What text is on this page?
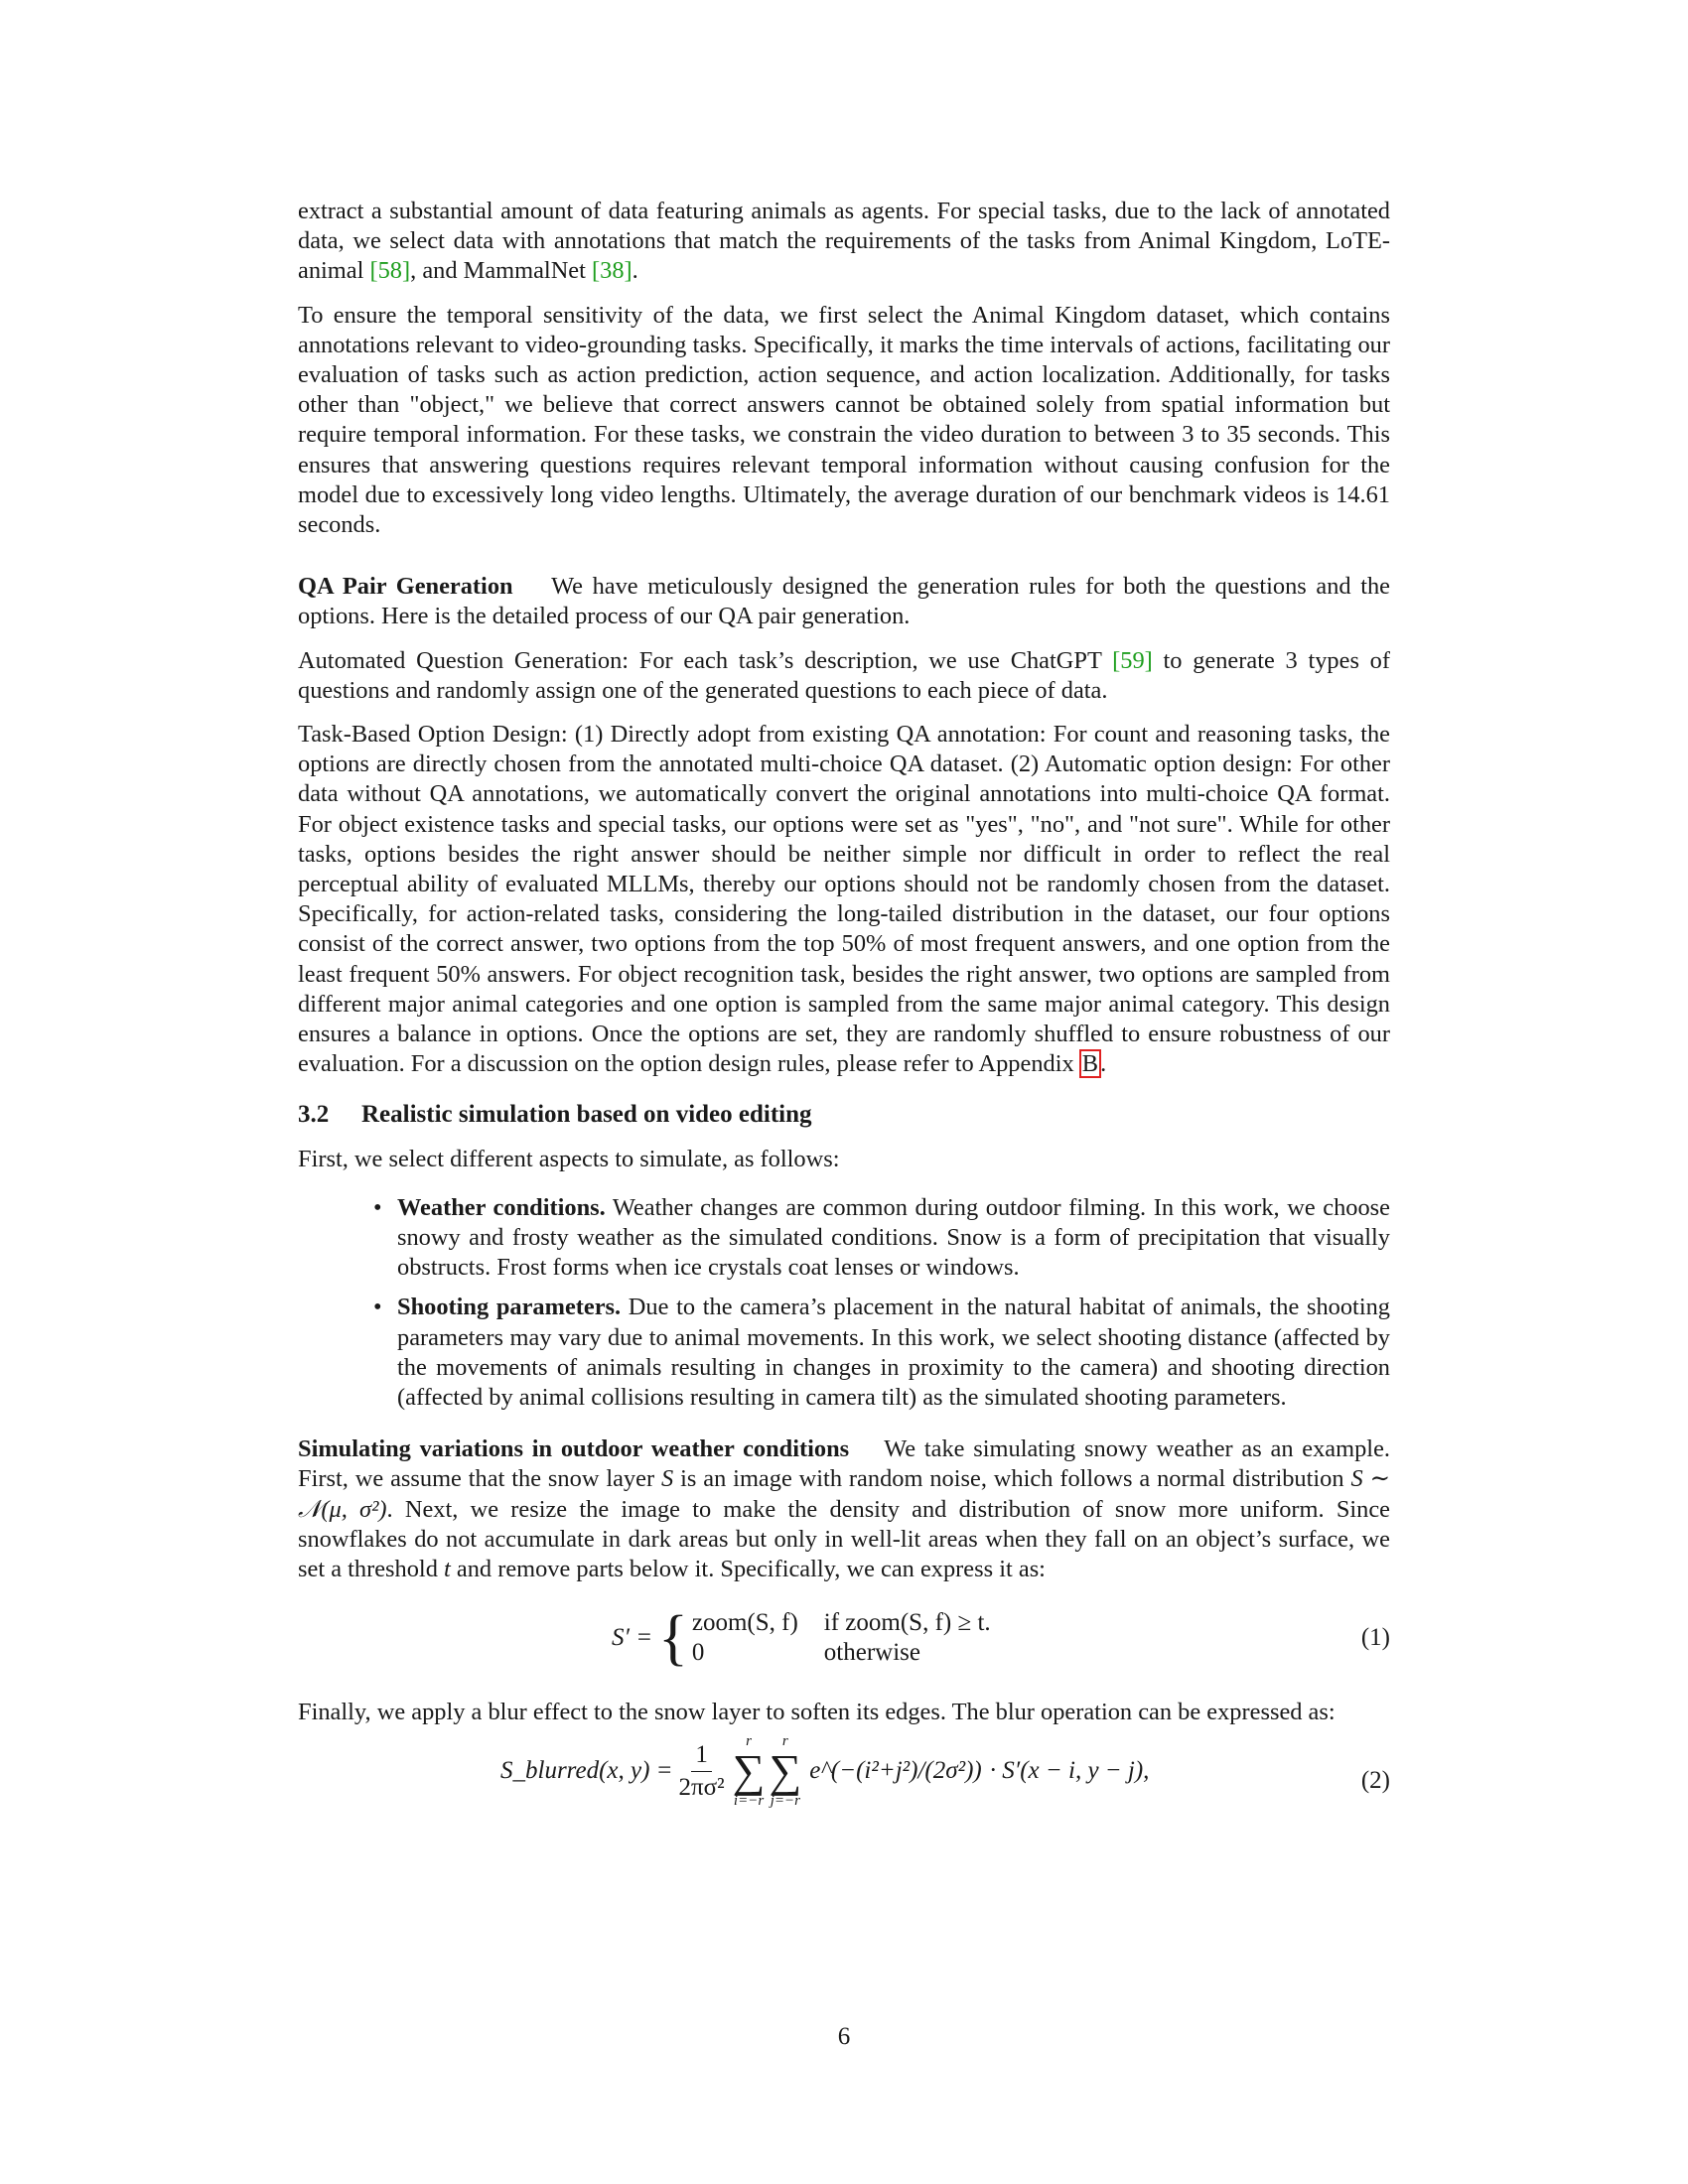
extract a substantial amount of data featuring animals as agents. For special tasks, due to the lack of annotated data, we select data with annotations that match the requirements of the tasks from Animal Kingdom, LoTE-animal [58], and MammalNet [38].

To ensure the temporal sensitivity of the data, we first select the Animal Kingdom dataset, which contains annotations relevant to video-grounding tasks. Specifically, it marks the time intervals of actions, facilitating our evaluation of tasks such as action prediction, action sequence, and action localization. Additionally, for tasks other than "object," we believe that correct answers cannot be obtained solely from spatial information but require temporal information. For these tasks, we constrain the video duration to between 3 to 35 seconds. This ensures that answering questions requires relevant temporal information without causing confusion for the model due to excessively long video lengths. Ultimately, the average duration of our benchmark videos is 14.61 seconds.

QA Pair Generation We have meticulously designed the generation rules for both the questions and the options. Here is the detailed process of our QA pair generation.

Automated Question Generation: For each task’s description, we use ChatGPT [59] to generate 3 types of questions and randomly assign one of the generated questions to each piece of data.

Task-Based Option Design: (1) Directly adopt from existing QA annotation: For count and reasoning tasks, the options are directly chosen from the annotated multi-choice QA dataset. (2) Automatic option design: For other data without QA annotations, we automatically convert the original annotations into multi-choice QA format. For object existence tasks and special tasks, our options were set as "yes", "no", and "not sure". While for other tasks, options besides the right answer should be neither simple nor difficult in order to reflect the real perceptual ability of evaluated MLLMs, thereby our options should not be randomly chosen from the dataset. Specifically, for action-related tasks, considering the long-tailed distribution in the dataset, our four options consist of the correct answer, two options from the top 50% of most frequent answers, and one option from the least frequent 50% answers. For object recognition task, besides the right answer, two options are sampled from different major animal categories and one option is sampled from the same major animal category. This design ensures a balance in options. Once the options are set, they are randomly shuffled to ensure robustness of our evaluation. For a discussion on the option design rules, please refer to Appendix B.

3.2 Realistic simulation based on video editing

First, we select different aspects to simulate, as follows:

• Weather conditions. Weather changes are common during outdoor filming. In this work, we choose snowy and frosty weather as the simulated conditions. Snow is a form of precipitation that visually obstructs. Frost forms when ice crystals coat lenses or windows.
• Shooting parameters. Due to the camera’s placement in the natural habitat of animals, the shooting parameters may vary due to animal movements. In this work, we select shooting distance (affected by the movements of animals resulting in changes in proximity to the camera) and shooting direction (affected by animal collisions resulting in camera tilt) as the simulated shooting parameters.

Simulating variations in outdoor weather conditions We take simulating snowy weather as an example. First, we assume that the snow layer S is an image with random noise, which follows a normal distribution S ∼ 𝒩(μ, σ²). Next, we resize the image to make the density and distribution of snow more uniform. Since snowflakes do not accumulate in dark areas but only in well-lit areas when they fall on an object’s surface, we set a threshold t and remove parts below it. Specifically, we can express it as:

S′ = { zoom(S, f) if zoom(S, f) ≥ t.
0	otherwise
(1)

Finally, we apply a blur effect to the snow layer to soften its edges. The blur operation can be expressed as:

S_blurred(x, $y) = \frac{1}{\text{2πσ²}}$ r
∑
i=−r
r
∑
j=−r
e^(−(i²+j²)/(2σ²)) · S′(x − i, y − j),	(2)
6
